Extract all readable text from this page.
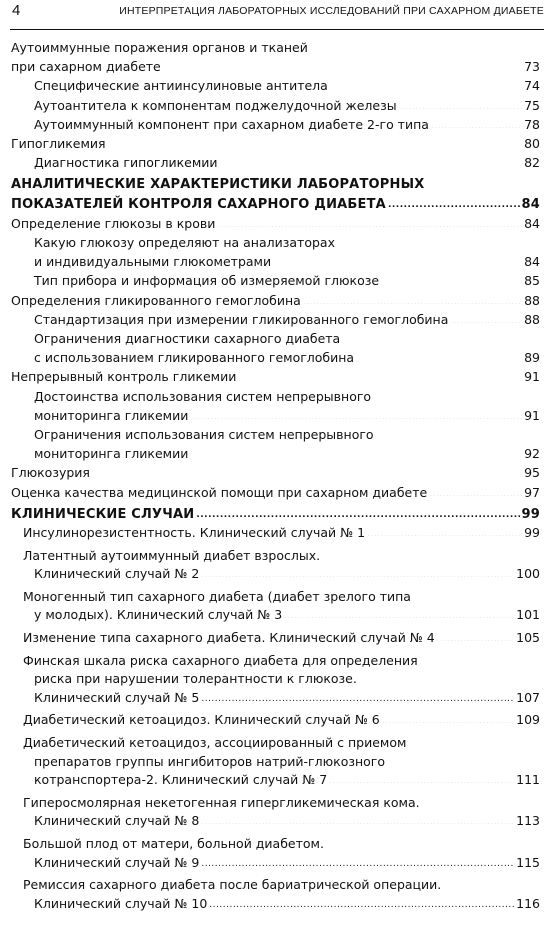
4	ИНТЕРПРЕТАЦИЯ ЛАБОРАТОРНЫХ ИССЛЕДОВАНИЙ ПРИ САХАРНОМ ДИАБЕТЕ
Аутоиммунные поражения органов и тканей
при сахарном диабете .....	73
Специфические антиинсулиновые антитела .....	74
Аутоантитела к компонентам поджелудочной железы .....	75
Аутоиммунный компонент при сахарном диабете 2-го типа .....	78
Гипогликемия .....	80
Диагностика гипогликемии .....	82
АНАЛИТИЧЕСКИЕ ХАРАКТЕРИСТИКИ ЛАБОРАТОРНЫХ
ПОКАЗАТЕЛЕЙ КОНТРОЛЯ САХАРНОГО ДИАБЕТА .....	84
Определение глюкозы в крови .....	84
Какую глюкозу определяют на анализаторах
и индивидуальными глюкометрами .....	84
Тип прибора и информация об измеряемой глюкозе .....	85
Определения гликированного гемоглобина .....	88
Стандартизация при измерении гликированного гемоглобина .....	88
Ограничения диагностики сахарного диабета
с использованием гликированного гемоглобина .....	89
Непрерывный контроль гликемии .....	91
Достоинства использования систем непрерывного
мониторинга гликемии .....	91
Ограничения использования систем непрерывного
мониторинга гликемии .....	92
Глюкозурия .....	95
Оценка качества медицинской помощи при сахарном диабете .....	97
КЛИНИЧЕСКИЕ СЛУЧАИ .....	99
Инсулинорезистентность. Клинический случай № 1 .....	99
Латентный аутоиммунный диабет взрослых.
Клинический случай № 2 .....	100
Моногенный тип сахарного диабета (диабет зрелого типа
у молодых). Клинический случай № 3 .....	101
Изменение типа сахарного диабета. Клинический случай № 4 .....	105
Финская шкала риска сахарного диабета для определения
риска при нарушении толерантности к глюкозе.
Клинический случай № 5 .....	107
Диабетический кетоацидоз. Клинический случай № 6 .....	109
Диабетический кетоацидоз, ассоциированный с приемом
препаратов группы ингибиторов натрий-глюкозного
котранспортера-2. Клинический случай № 7 .....	111
Гиперосмолярная некетогенная гипергликемическая кома.
Клинический случай № 8 .....	113
Большой плод от матери, больной диабетом.
Клинический случай № 9 .....	115
Ремиссия сахарного диабета после бариатрической операции.
Клинический случай № 10 .....	116
